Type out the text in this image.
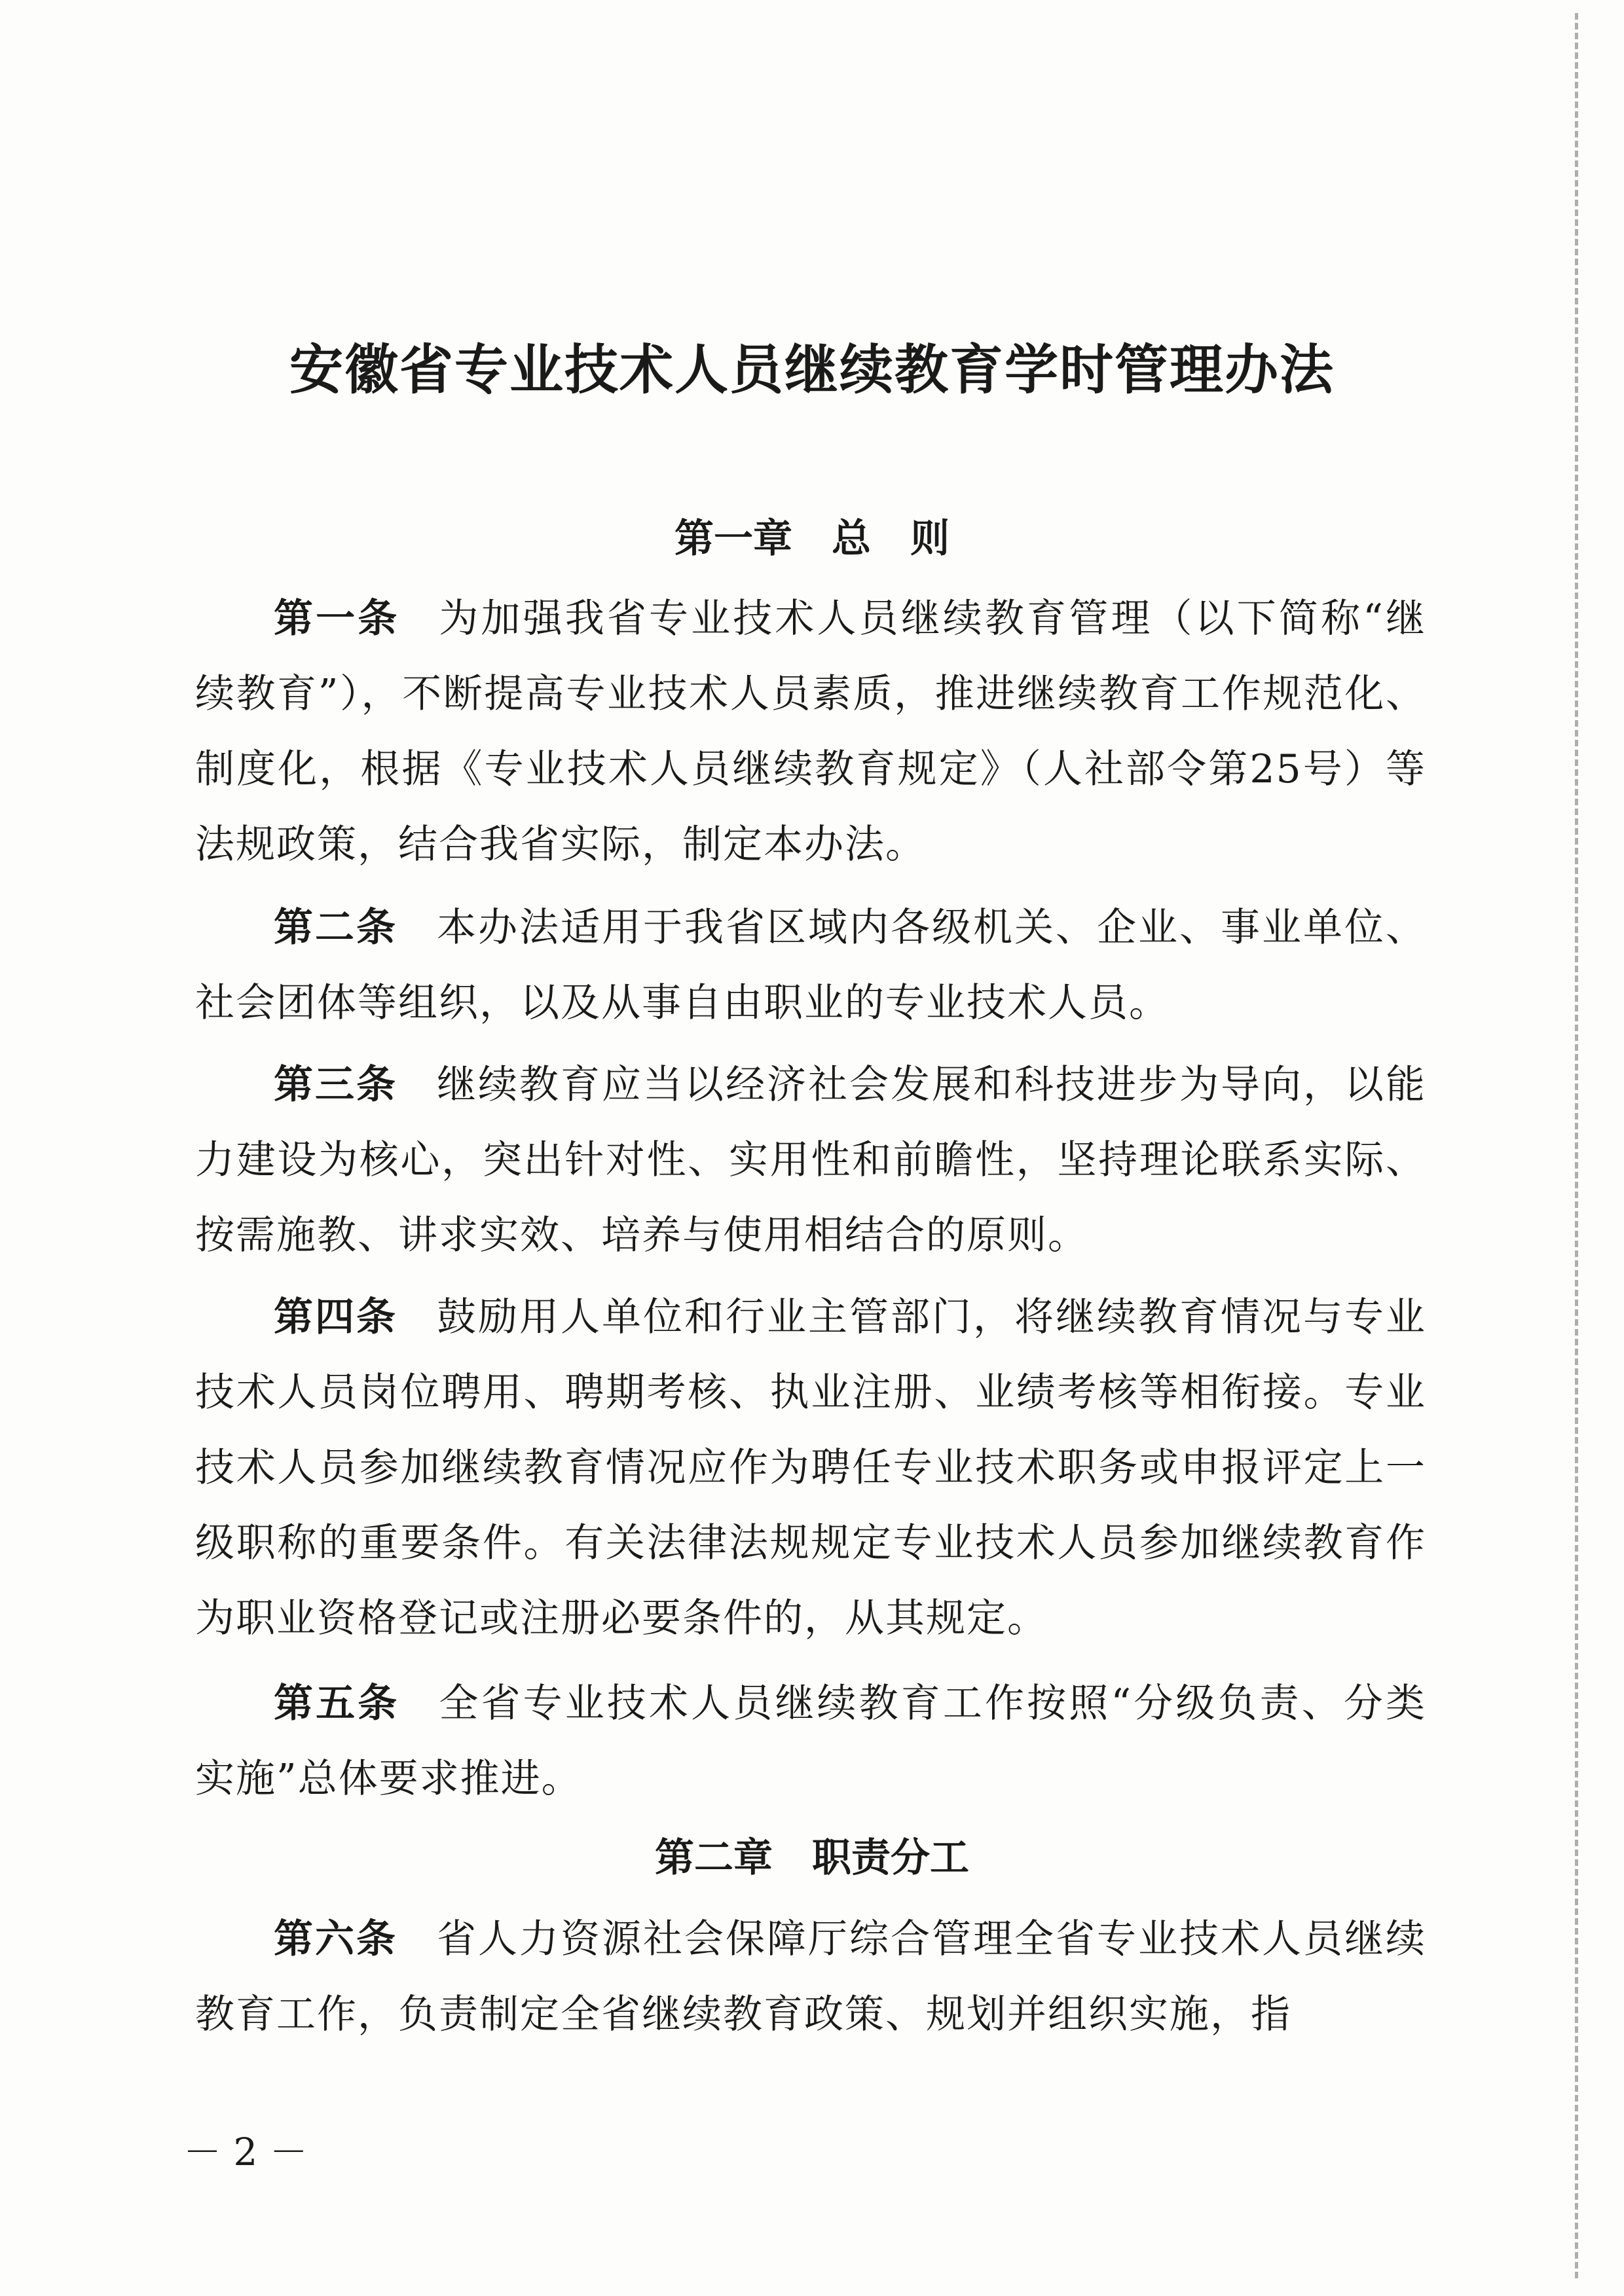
安徽省专业技术人员继续教育学时管理办法
第一章　总　则

第一条 为加强我省专业技术人员继续教育管理（以下简称“继续教育”），不断提高专业技术人员素质，推进继续教育工作规范化、制度化，根据《专业技术人员继续教育规定》（人社部令第25号）等法规政策，结合我省实际，制定本办法。

第二条 本办法适用于我省区域内各级机关、企业、事业单位、社会团体等组织，以及从事自由职业的专业技术人员。

第三条 继续教育应当以经济社会发展和科技进步为导向，以能力建设为核心，突出针对性、实用性和前瞻性，坚持理论联系实际、按需施教、讲求实效、培养与使用相结合的原则。

第四条 鼓励用人单位和行业主管部门，将继续教育情况与专业技术人员岗位聘用、聘期考核、执业注册、业绩考核等相衔接。专业技术人员参加继续教育情况应作为聘任专业技术职务或申报评定上一级职称的重要条件。有关法律法规规定专业技术人员参加继续教育作为职业资格登记或注册必要条件的，从其规定。

第五条 全省专业技术人员继续教育工作按照“分级负责、分类实施”总体要求推进。

第二章　职责分工

第六条 省人力资源社会保障厅综合管理全省专业技术人员继续教育工作，负责制定全省继续教育政策、规划并组织实施，指

－ 2 －
